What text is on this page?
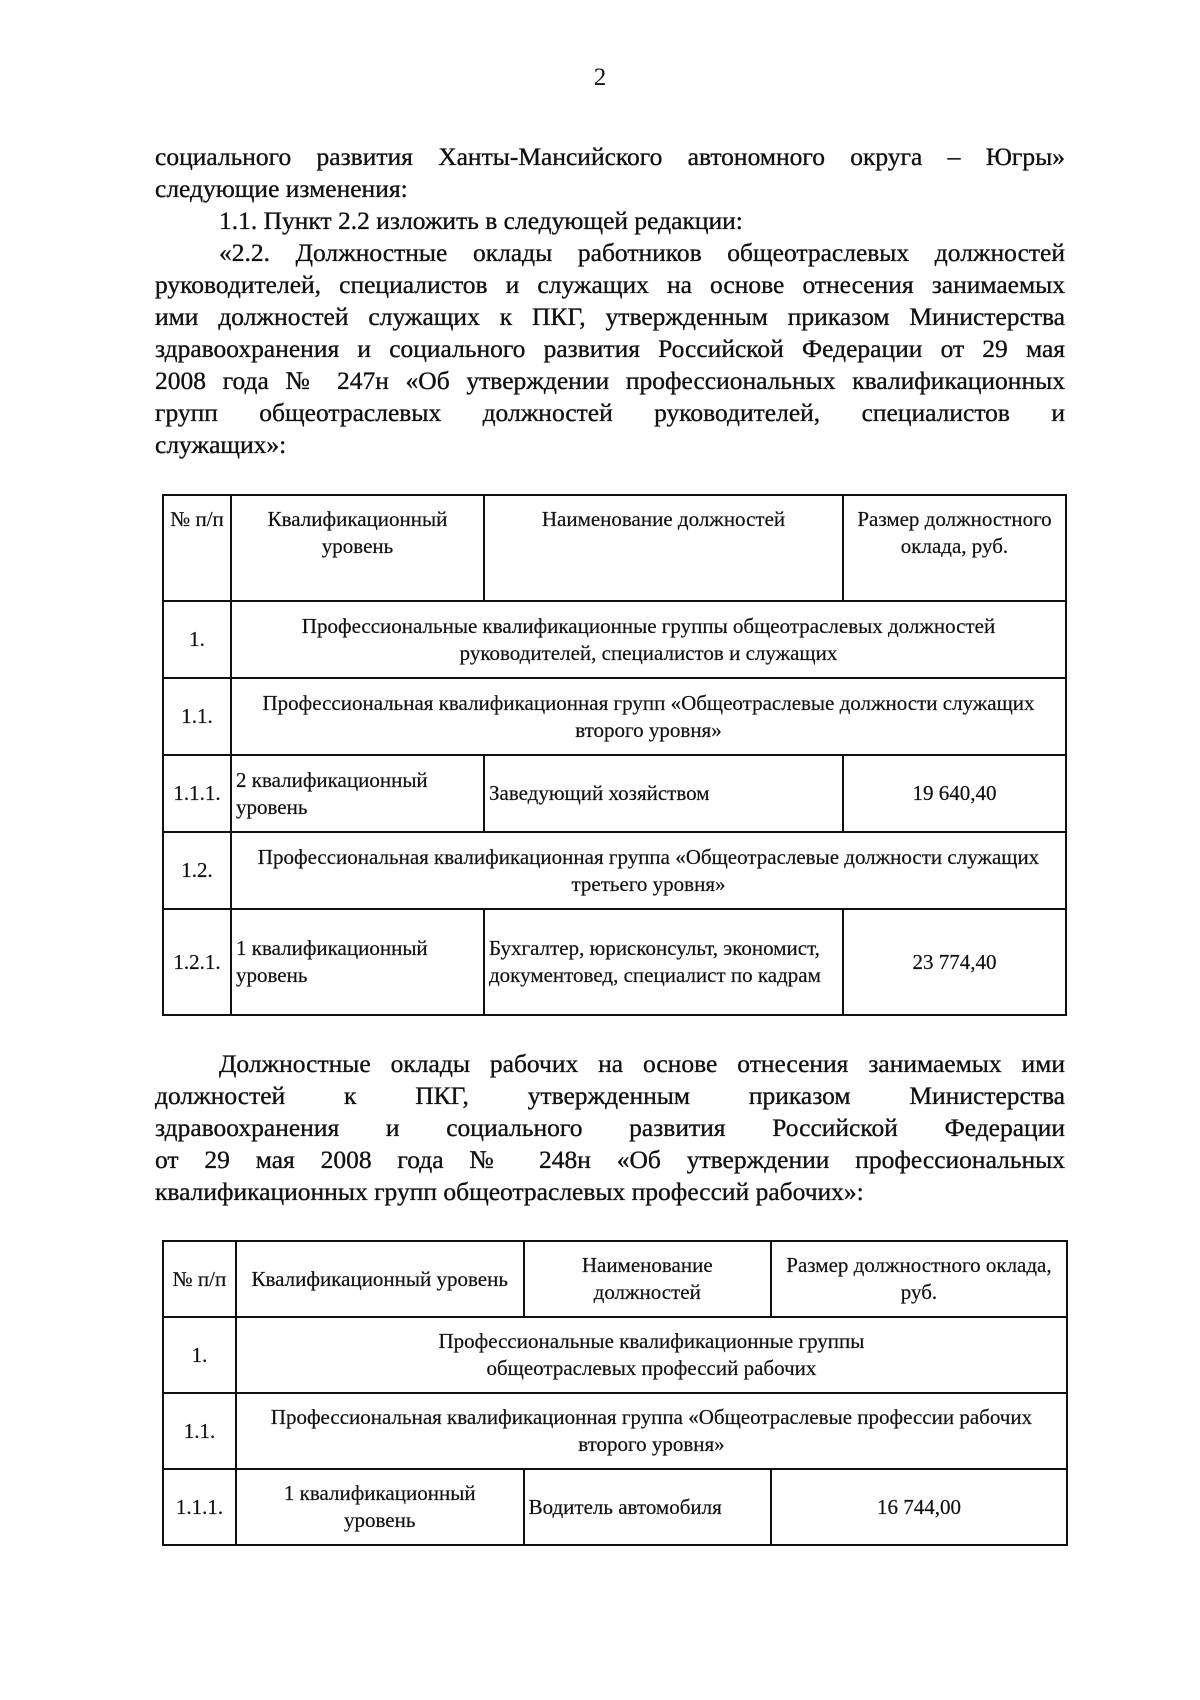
2
социального развития Ханты-Мансийского автономного округа – Югры»
следующие изменения:
1.1. Пункт 2.2 изложить в следующей редакции:
«2.2. Должностные оклады работников общеотраслевых должностей
руководителей, специалистов и служащих на основе отнесения занимаемых
ими должностей служащих к ПКГ, утвержденным приказом Министерства
здравоохранения и социального развития Российской Федерации от 29 мая
2008 года № 247н «Об утверждении профессиональных квалификационных
групп общеотраслевых должностей руководителей, специалистов и
служащих»:
№ п/п	Квалификационный уровень	Наименование должностей	Размер должностного оклада, руб.
1.	Профессиональные квалификационные группы общеотраслевых должностей руководителей, специалистов и служащих		
1.1.	Профессиональная квалификационная групп «Общеотраслевые должности служащих второго уровня»		
1.1.1.	2 квалификационный уровень	Заведующий хозяйством	19 640,40
1.2.	Профессиональная квалификационная группа «Общеотраслевые должности служащих третьего уровня»		
1.2.1.	1 квалификационный уровень	Бухгалтер, юрисконсульт, экономист, документовед, специалист по кадрам	23 774,40
Должностные оклады рабочих на основе отнесения занимаемых ими
должностей к ПКГ, утвержденным приказом Министерства
здравоохранения и социального развития Российской Федерации
от 29 мая 2008 года № 248н «Об утверждении профессиональных
квалификационных групп общеотраслевых профессий рабочих»:
№ п/п	Квалификационный уровень	Наименование должностей	Размер должностного оклада, руб.
1.	Профессиональные квалификационные группы общеотраслевых профессий рабочих		
1.1.	Профессиональная квалификационная группа «Общеотраслевые профессии рабочих второго уровня»		
1.1.1.	1 квалификационный уровень	Водитель автомобиля	16 744,00
